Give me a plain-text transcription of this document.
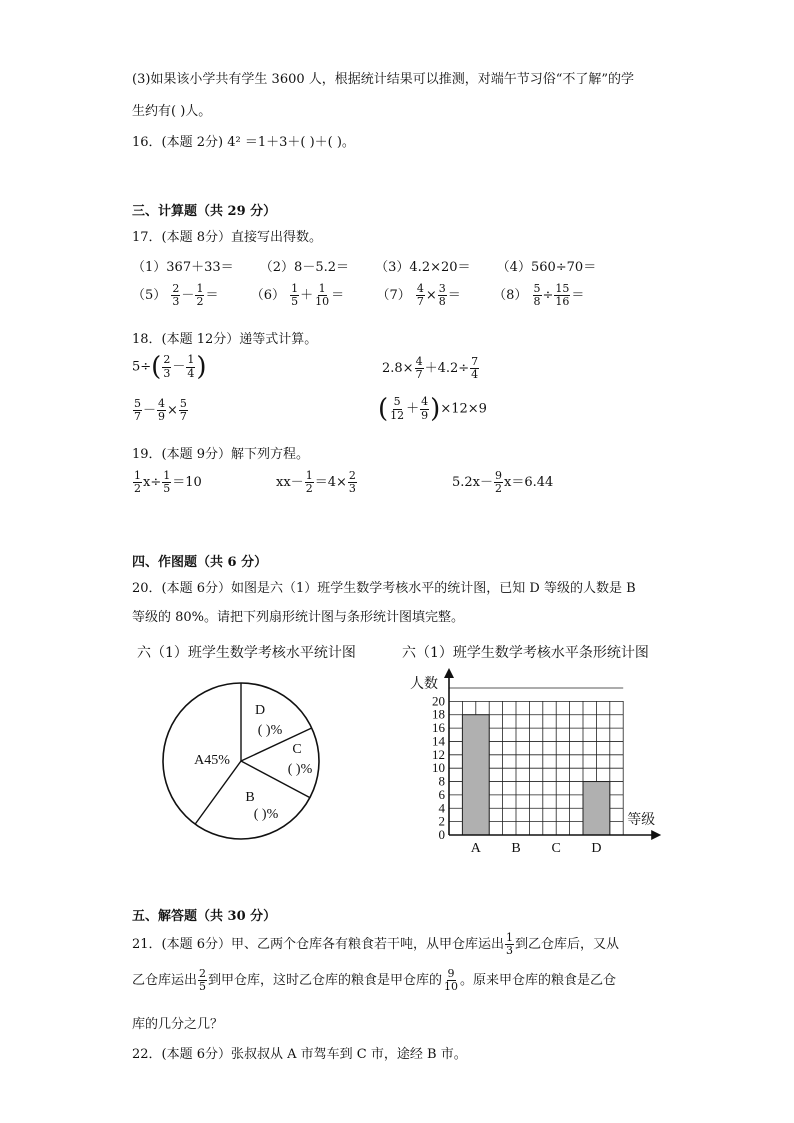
(3)如果该小学共有学生 3600 人，根据统计结果可以推测，对端午节习俗“不了解”的学
生约有( )人。
16．(本题 2分) 4² ＝1＋3＋( )＋( )。
三、计算题（共 29 分）
17．(本题 8分）直接写出得数。
（1）367＋33＝ （2）8－5.2＝ （3）4.2×20＝ （4）560÷70＝
$(5) \frac{2}{3} - \frac{1}{2} = (6) \frac{1}{5} + \frac{1}{10} = (7) \frac{4}{7} \times \frac{3}{8} = (8) \frac{5}{8} \div \frac{15}{16}$ ＝
18．(本题 12分）递等式计算。
$5\div( \frac{2}{3} - \frac{1}{4}$ )	$2.8\times \frac{4}{7} +4.2\div \frac{7}{4}$
$\frac{5}{7} - \frac{4}{9} \times \frac{5}{7}$	( $\frac{5}{12} + \frac{4}{9} )\times 12\times 9$
19．(本题 9分）解下列方程。
$\frac{1}{2} x\div \frac{1}{5} =10$	$xx- \frac{1}{2} =4\times \frac{2}{3}$	$5.2x- \frac{9}{2} x=6.44$
四、作图题（共 6 分）
20．(本题 6分）如图是六（1）班学生数学考核水平的统计图，已知 D 等级的人数是 B
等级的 80%。请把下列扇形统计图与条形统计图填完整。
六（1）班学生数学考核水平统计图	六（1）班学生数学考核水平条形统计图
A45%
D
( )%
C
( )%
B
( )%
A B C D
0
2
4
6
8
10
12
14
16
18
20
人数
等级
五、解答题（共 30 分）
21．(本题 6分）甲、乙两个仓库各有粮食若干吨，从甲仓库运出 $\frac{1}{3}$ 到乙仓库后，又从
乙仓库运出 $\frac{2}{5}$ 到甲仓库，这时乙仓库的粮食是甲仓库的 $\frac{9}{10}$ 。原来甲仓库的粮食是乙仓
库的几分之几？
22．(本题 6分）张叔叔从 A 市驾车到 C 市，途经 B 市。
